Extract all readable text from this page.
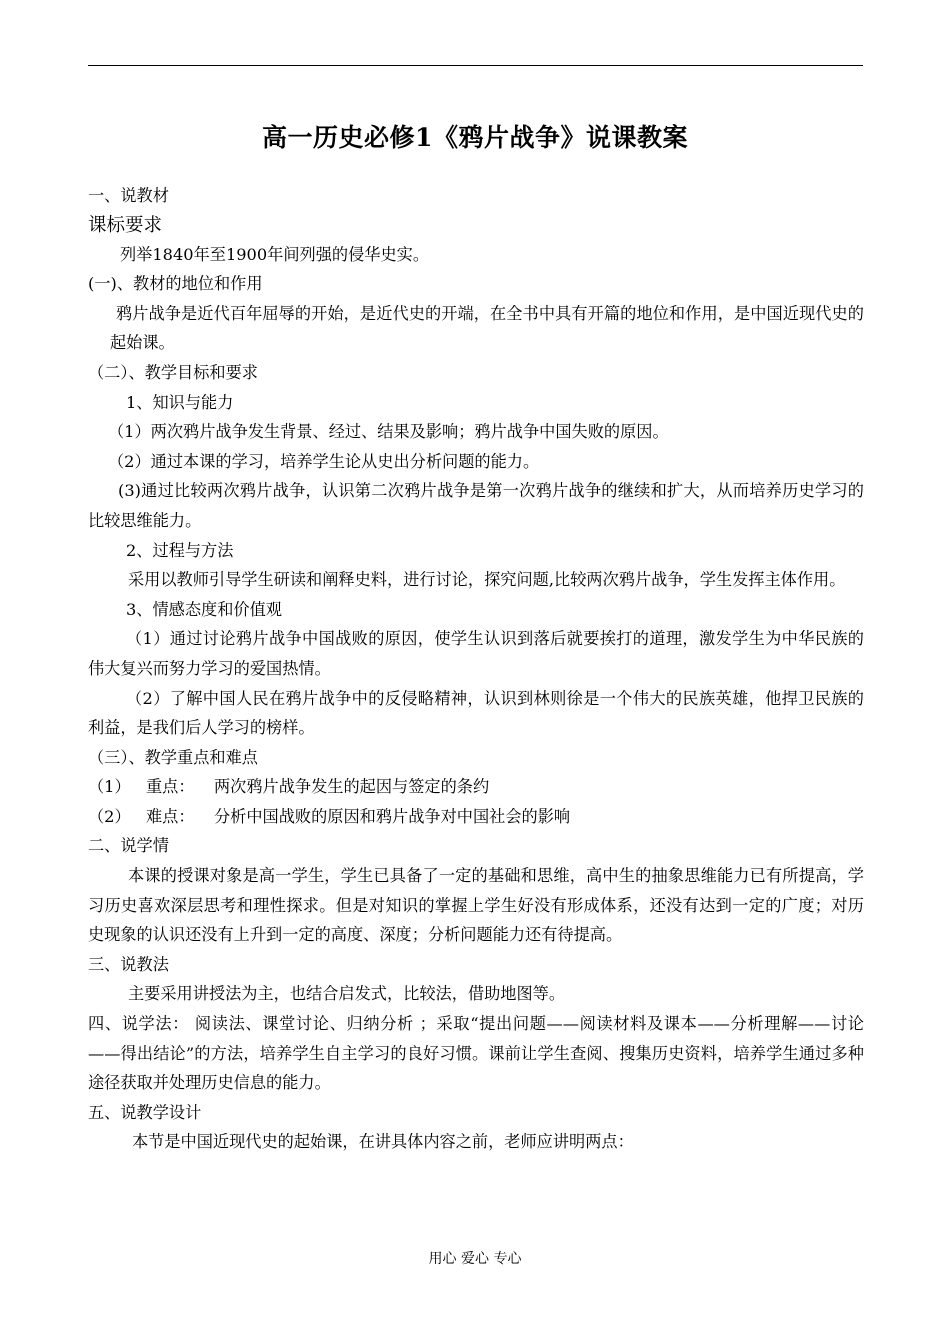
高一历史必修1《鸦片战争》说课教案

一、说教材

课标要求

列举1840年至1900年间列强的侵华史实。

(一)、教材的地位和作用

鸦片战争是近代百年屈辱的开始，是近代史的开端，在全书中具有开篇的地位和作用，是中国近现代史的起始课。

（二）、教学目标和要求

1、知识与能力

（1）两次鸦片战争发生背景、经过、结果及影响；鸦片战争中国失败的原因。

（2）通过本课的学习，培养学生论从史出分析问题的能力。

(3)通过比较两次鸦片战争，认识第二次鸦片战争是第一次鸦片战争的继续和扩大，从而培养历史学习的比较思维能力。

2、过程与方法

采用以教师引导学生研读和阐释史料，进行讨论，探究问题,比较两次鸦片战争，学生发挥主体作用。

3、情感态度和价值观

（1）通过讨论鸦片战争中国战败的原因，使学生认识到落后就要挨打的道理，激发学生为中华民族的伟大复兴而努力学习的爱国热情。

（2）了解中国人民在鸦片战争中的反侵略精神，认识到林则徐是一个伟大的民族英雄，他捍卫民族的利益，是我们后人学习的榜样。

（三）、教学重点和难点

（1） 重点： 两次鸦片战争发生的起因与签定的条约

（2） 难点： 分析中国战败的原因和鸦片战争对中国社会的影响

二、说学情

本课的授课对象是高一学生，学生已具备了一定的基础和思维，高中生的抽象思维能力已有所提高，学习历史喜欢深层思考和理性探求。但是对知识的掌握上学生好没有形成体系，还没有达到一定的广度；对历史现象的认识还没有上升到一定的高度、深度；分析问题能力还有待提高。

三、说教法

主要采用讲授法为主，也结合启发式，比较法，借助地图等。

四、说学法： 阅读法、课堂讨论、归纳分析 ；采取“提出问题——阅读材料及课本——分析理解——讨论——得出结论”的方法，培养学生自主学习的良好习惯。课前让学生查阅、搜集历史资料，培养学生通过多种途径获取并处理历史信息的能力。

五、说教学设计

本节是中国近现代史的起始课，在讲具体内容之前，老师应讲明两点：

用心 爱心 专心
